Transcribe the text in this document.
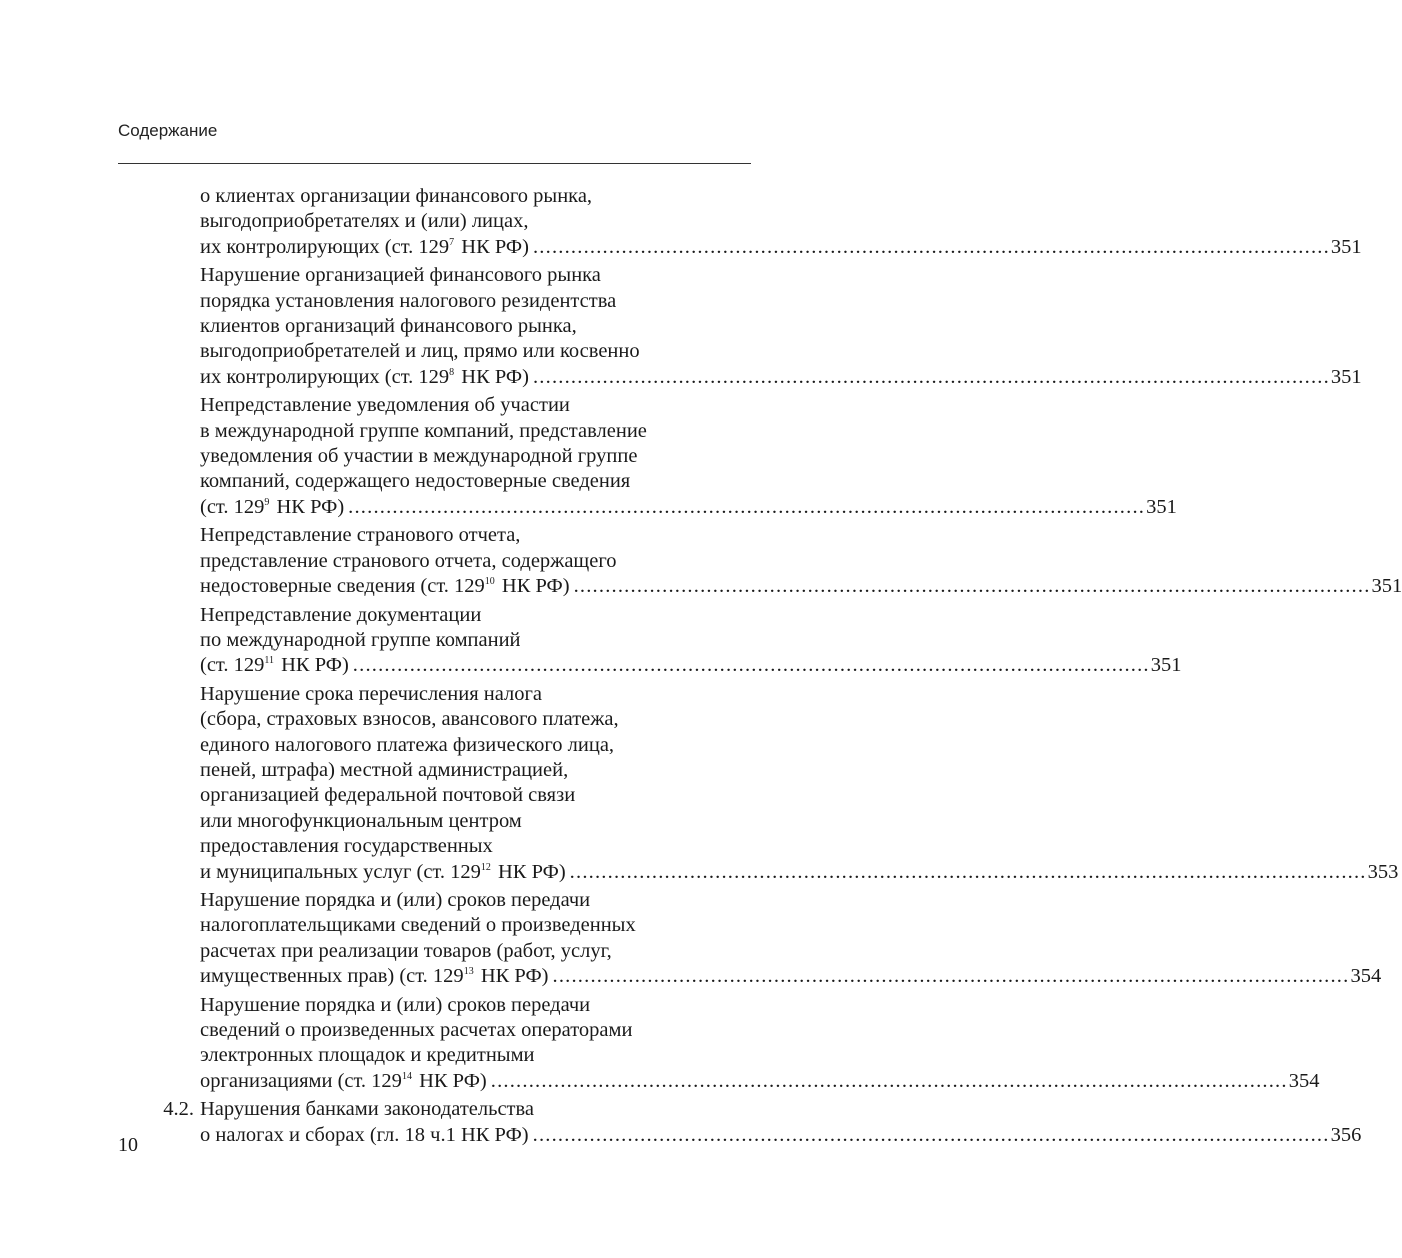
Содержание
о клиентах организации финансового рынка,
выгодоприобретателях и (или) лицах,
их контролирующих (ст. $129^7$ НК РФ) .............................................................................................................................. 351
Нарушение организацией финансового рынка
порядка установления налогового резидентства
клиентов организаций финансового рынка,
выгодоприобретателей и лиц, прямо или косвенно
их контролирующих (ст. $129^8$ НК РФ) .............................................................................................................................. 351
Непредставление уведомления об участии
в международной группе компаний, представление
уведомления об участии в международной группе
компаний, содержащего недостоверные сведения
(ст. $129^9$ НК РФ) .............................................................................................................................. 351
Непредставление странового отчета,
представление странового отчета, содержащего
недостоверные сведения (ст. $129^{10}$ НК РФ) .............................................................................................................................. 351
Непредставление документации
по международной группе компаний
(ст. $129^{11}$ НК РФ) .............................................................................................................................. 351
Нарушение срока перечисления налога
(сбора, страховых взносов, авансового платежа,
единого налогового платежа физического лица,
пеней, штрафа) местной администрацией,
организацией федеральной почтовой связи
или многофункциональным центром
предоставления государственных
и муниципальных услуг (ст. $129^{12}$ НК РФ) .............................................................................................................................. 353
Нарушение порядка и (или) сроков передачи
налогоплательщиками сведений о произведенных
расчетах при реализации товаров (работ, услуг,
имущественных прав) (ст. $129^{13}$ НК РФ) .............................................................................................................................. 354
Нарушение порядка и (или) сроков передачи
сведений о произведенных расчетах операторами
электронных площадок и кредитными
организациями (ст. $129^{14}$ НК РФ) .............................................................................................................................. 354
4.2. Нарушения банками законодательства
о налогах и сборах (гл. 18 ч.1 НК РФ) .............................................................................................................................. 356
10
